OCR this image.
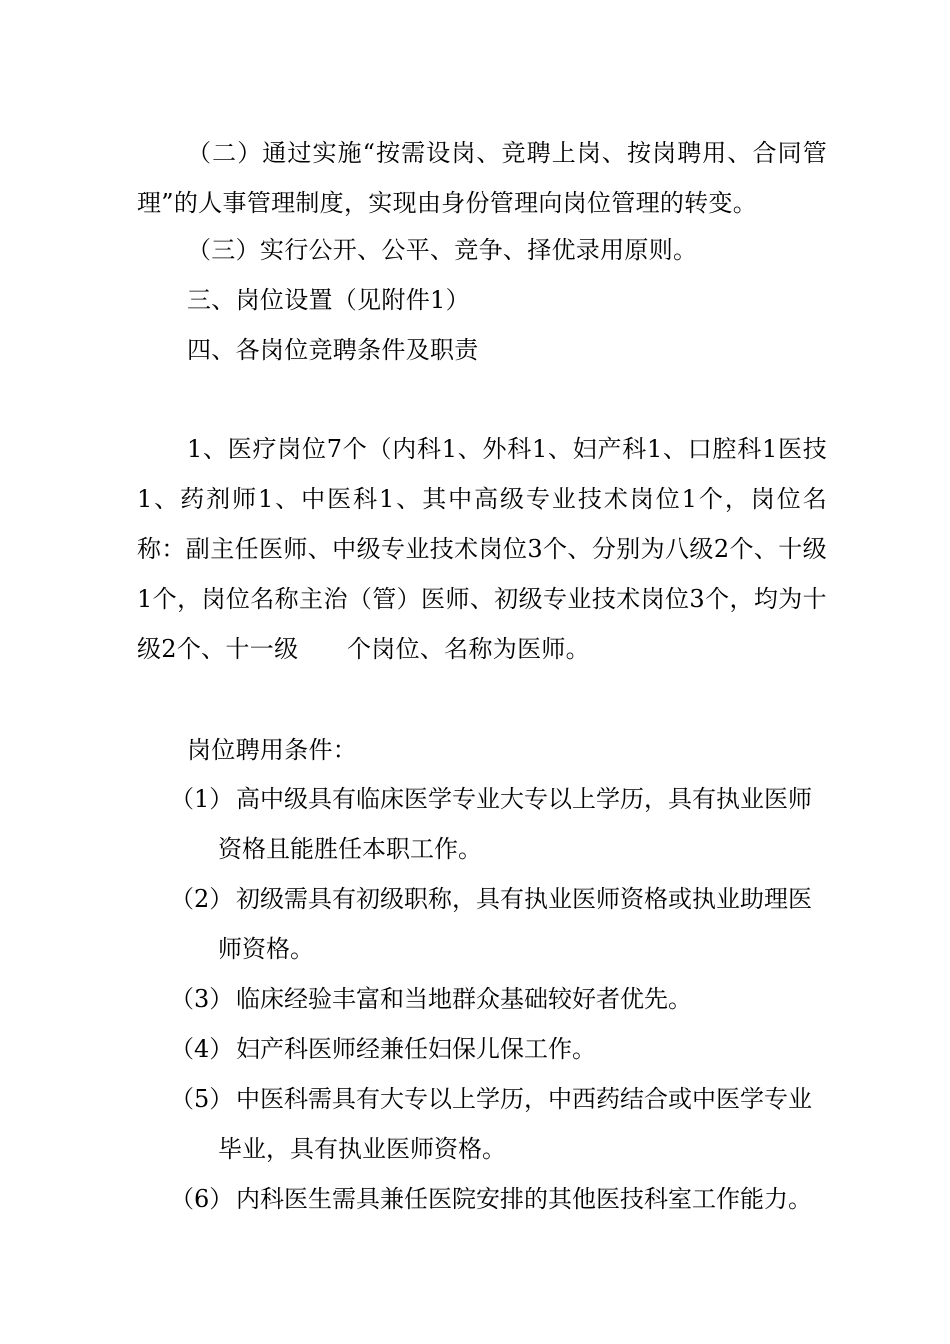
（二）通过实施“按需设岗、竞聘上岗、按岗聘用、合同管理”的人事管理制度，实现由身份管理向岗位管理的转变。

（三）实行公开、公平、竞争、择优录用原则。
三、岗位设置（见附件1）
四、各岗位竞聘条件及职责

1、医疗岗位7个（内科1、外科1、妇产科1、口腔科1医技1、药剂师1、中医科1、其中高级专业技术岗位1个，岗位名称：副主任医师、中级专业技术岗位3个、分别为八级2个、十级1个，岗位名称主治（管）医师、初级专业技术岗位3个，均为十级2个、十一级　　个岗位、名称为医师。

岗位聘用条件：
（1） 高中级具有临床医学专业大专以上学历，具有执业医师资格且能胜任本职工作。
（2） 初级需具有初级职称，具有执业医师资格或执业助理医师资格。
（3） 临床经验丰富和当地群众基础较好者优先。
（4） 妇产科医师经兼任妇保儿保工作。
（5） 中医科需具有大专以上学历，中西药结合或中医学专业毕业，具有执业医师资格。
（6） 内科医生需具兼任医院安排的其他医技科室工作能力。
